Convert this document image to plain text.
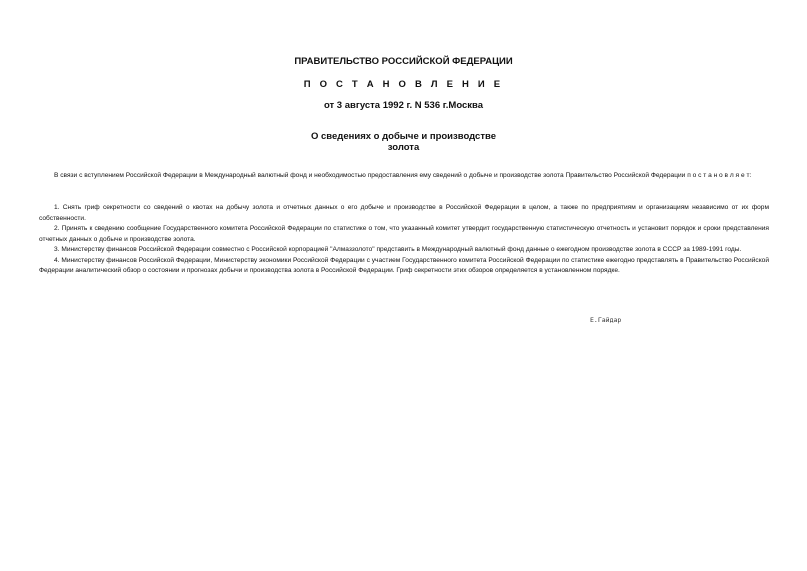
ПРАВИТЕЛЬСТВО РОССИЙСКОЙ ФЕДЕРАЦИИ
П О С Т А Н О В Л Е Н И Е
от 3 августа 1992 г. N 536 г.Москва
О сведениях о добыче и производстве
золота

В связи с вступлением Российской Федерации в Международный валютный фонд и необходимостью предоставления ему сведений о добыче и производстве золота Правительство Российской Федерации п о с т а н о в л я е т:

1. Снять гриф секретности со сведений о квотах на добычу золота и отчетных данных о его добыче и производстве в Российской Федерации в целом, а также по предприятиям и организациям независимо от их форм собственности.

2. Принять к сведению сообщение Государственного комитета Российской Федерации по статистике о том, что указанный комитет утвердит государственную статистическую отчетность и установит порядок и сроки представления отчетных данных о добыче и производстве золота.

3. Министерству финансов Российской Федерации совместно с Российской корпорацией "Алмаззолото" представить в Международный валютный фонд данные о ежегодном производстве золота в СССР за 1989-1991 годы.

4. Министерству финансов Российской Федерации, Министерству экономики Российской Федерации с участием Государственного комитета Российской Федерации по статистике ежегодно представлять в Правительство Российской Федерации аналитический обзор о состоянии и прогнозах добычи и производства золота в Российской Федерации. Гриф секретности этих обзоров определяется в установленном порядке.

Е.Гайдар
